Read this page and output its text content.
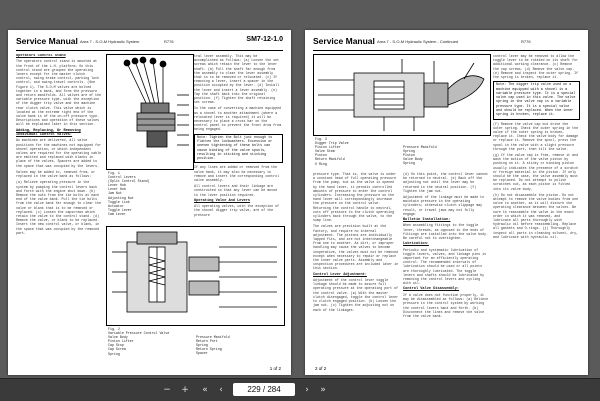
Service Manual Area 7 - S-O-M Hydraulic System	R776	SM7-12-1.0
Operators Control Stand

The operators control stand is mounted at the front of the L.H. platform. On this control stand are grouped the operating levers except for the master clutch control, swing brake control, parking lock control, and swing-travel controls. (See Figure 1). The S-O-M valves are bolted together in a bank, and form the pressure and return manifolds. All valves are of the variable pressure type, with the exception of the digger trip valve and the machine rear clutch valve. This valve which is located at the extreme right end of the valve bank is of the on-off pressure type. Descriptions and operation of these valves will be explained later in this section.

Adding, Replacing, Or Removing Individual Control Valves:

As machines are delivered, all valve positions for the machines not equipped for shovel operation, or which independent valves are required for the operating cable are emitted and replaced with blanks in place of the valves. Spacers are added to the space that was occupied by the levers.

Valves may be added to, removed from, or replaced in the valve bank as follows:

(a) Relieve operating pressure in the system by pumping the control levers back and forth with the engine shut down. (b) Remove the nuts from the tie bolts at each end of the valve bank. Pull the tie bolts from the valve bank far enough to clear the valve or blank that is to be removed or replaced. (c) Loosen the capscrews which retain the valve to the control stand. (d) Remove the valve, or blank to be replaced. Insert the new control valve, or blank, in the space that was occupied by the removed part.

Fig. 1
Control Levers
(Split Control Stand)
Lever Hub
Lever Hub
Jam Nut
Adjusting Nut
Toggle Link
Actuator
Toggle Lever
Cam Lever

tral lever assembly. This may be accomplished as follows: (a) Loosen the set screws which retain the lever to the lever shaft. (b) Pull the shaft far enough from the assembly to clear the lever assembly that is to be removed or relocated. (c) If removing a lever, insert a spacer in the position occupied by the lever. (d) Install the lever and insert a lever assembly. (e) Tap the shaft back into the original position. (f) Tighten the shaft retaining set screws.

In the case of converting a machine equipped as a shovel to another attachment (where a relocated lever is required) it will be necessary to place a cross bar on the control panel to prevent the front drum from being engaged.

Note: Tighten the Bolt just enough to flatten the lockwashers. Excessive or uneven tightening of these bolts can cause binding of the valve spools, resulting in sticking and sticking position.

If any lines are added or removed from the valve bank, it may also be necessary to remove and insert the corresponding control valve assembly.

All control levers and their linkage are constructed so that any lever can be moved to the lever position required.

Operating Valve And Levers

All operating valves, with the exception of the shovel digger trip valve, are of the pressure

Fig. 2
Variable Pressure Control Valve
Valve Body
Piston Lifter
Cap Stop
Cap Screw
Spring
Pressure Manifold
Return Port
Spring
Return Spring
Spacer
1 of 2
Service Manual Area 7 - S-O-M Hydraulic System - Continued	R776
Fig. 3
Digger Trip Valve
Piston Lifter
Valve Stem
Piston
Return Manifold
O Ring
Pressure Manifold
Spring
Piston
Valve Body
Spring

pressure type. That is, the valve is under a constant head of full operating pressure from the pump, but as the valve is opened by the hand lever, it permits controlled amounts of pressure to enter the control cylinders. Increasing the pressure on the hand lever will correspondingly increase the pressure on the control valve. Returning the control handle to neutral, cuts off pressure to the clutch operating cylinders back through the valve, to the sump line.

The valves are precision built at the factory, and require no internal adjustment. The pistons are individually lapped fits, and are not interchangeable from one to another. As dirt, or improper handling may cause the valves to become inoperative, the valves must not be removed except when necessary to repair or replace the inner valve parts. Assembly and inspection procedures are included later in this section.

Control Lever Adjustment:

Adjustment of the control lever toggle linkage should be made to assure full operating pressure at the operating port of the control valve. (a) With the master clutch disengaged, toggle the control lever to clutch engaged position. (b) Loosen the jam nut. (c) Tighten the adjusting nut on each of the linkages.

(d) On this point, the control lever cannot be returned to neutral. (e) Back off the adjusting nut until the lever may be returned to the neutral position. (f) Tighten the jam nut.

Adjustment of the linkage must be made to maintain pressure in the operating cylinders; otherwise clutch slippage may result, or travel jaws may not fully engage.

Bulletin Installation:

When assembling fittings to the toggle lever, threads, as opposed to the ends of fittings are installed into the valve body. Be careful not to overtighten.

Lubrication:

Periodic and systematic lubrication of toggle levers, valves, and linkage pins is important for an efficiently operating control. The recommended intervals of lubrication should be used or all points are thoroughly lubricated. The toggle levers and shafts should be lubricated by removing the control levers and cycling with oil.

Control Valve Disassembly:

If a valve does not function properly, it may be disassembled as follows: (a) Relieve pressure in the control system by working the control levers back and forth. (b) Disconnect the lines and remove the valve from the valve bank.

control lever may be removed to allow the toggle lever to be rotated on its shaft for additional working clearance. (c) Remove the cap screws. (d) Remove the valve cap. (e) Remove and inspect the outer spring. If the spring is broken, replace it.

Note: The digger trip valve used on a machine equipped with a shovel is a variable pressure type. It is a special valve cap used in this valve. The valve spring in the valve cap is a variable pressure type. It is a special valve and should be replaced. When the inner spring is broken, replace it.

(f) Remove the valve cap but drive the outer spring. Check the outer spring in the valve if the outer spring is broken, replace it. Check the valve body for damage or replace it. Remove the spool, press the spool in the valve with a slight pressure through the port, then tilt the valve.

(g) If the valve cap is free, remove it and wash the action of the valve piston by pushing on it. A sticky or binding piston usually indicates the presence of a scratch or foreign material in the piston. If only should be the case, the valve assembly must be replaced. Do not attempt to polish scratches out, as each piston is fitted into its valve body.

(h) Do not disassemble the piston. Do not attempt to remove the valve bodies from one valve to another, as it will disturb the operating clearance between the valves. Be sure to reassemble the valve in the exact order in which it was removed, and lubricate all parts thoroughly with hydraulic oil before reassembling. Replace all gaskets and O-rings. (j) Thoroughly inspect all parts in cleaning solvent, dry, and lubricate with hydraulic oil.

2 of 2
−	+	«	‹	229 / 284	›	»
